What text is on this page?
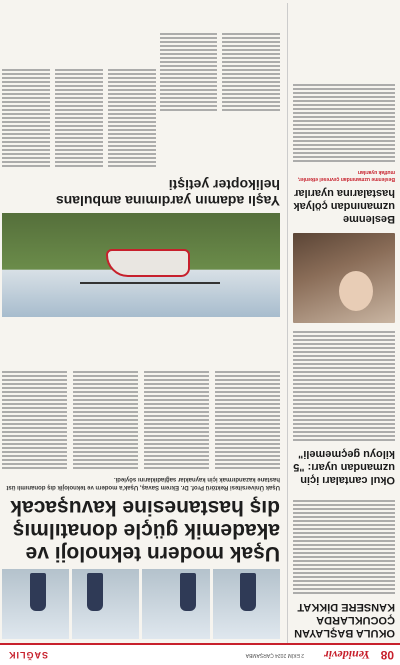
08
Yenidevir
2 EKİM 2024 ÇARŞAMBA
SAĞLIK
OKULA BAŞLAYAN ÇOCUKLARDA KANSERE DİKKAT
Okul cantaları için uzmandan uyarı: "5 kiloyu geçmemeli"
Beslenme uzmanından çölyak hastalarına uyarılar
Beslenme uzmanından çevresel etkenler, mutfak uyarıları
Uşak modern teknoloji ve akademik güçle donatılmış dış hastanesine kavuşacak
Uşak Üniversitesi Rektörü Prof. Dr. Ekrem Savaş, Uşak'a modern ve teknolojik dış donanımlı üst hastane kazandırmak için kaynaklar sağladıklarını söyledi.
Yaşlı adamın yardımına ambulans helikopter yetişti
